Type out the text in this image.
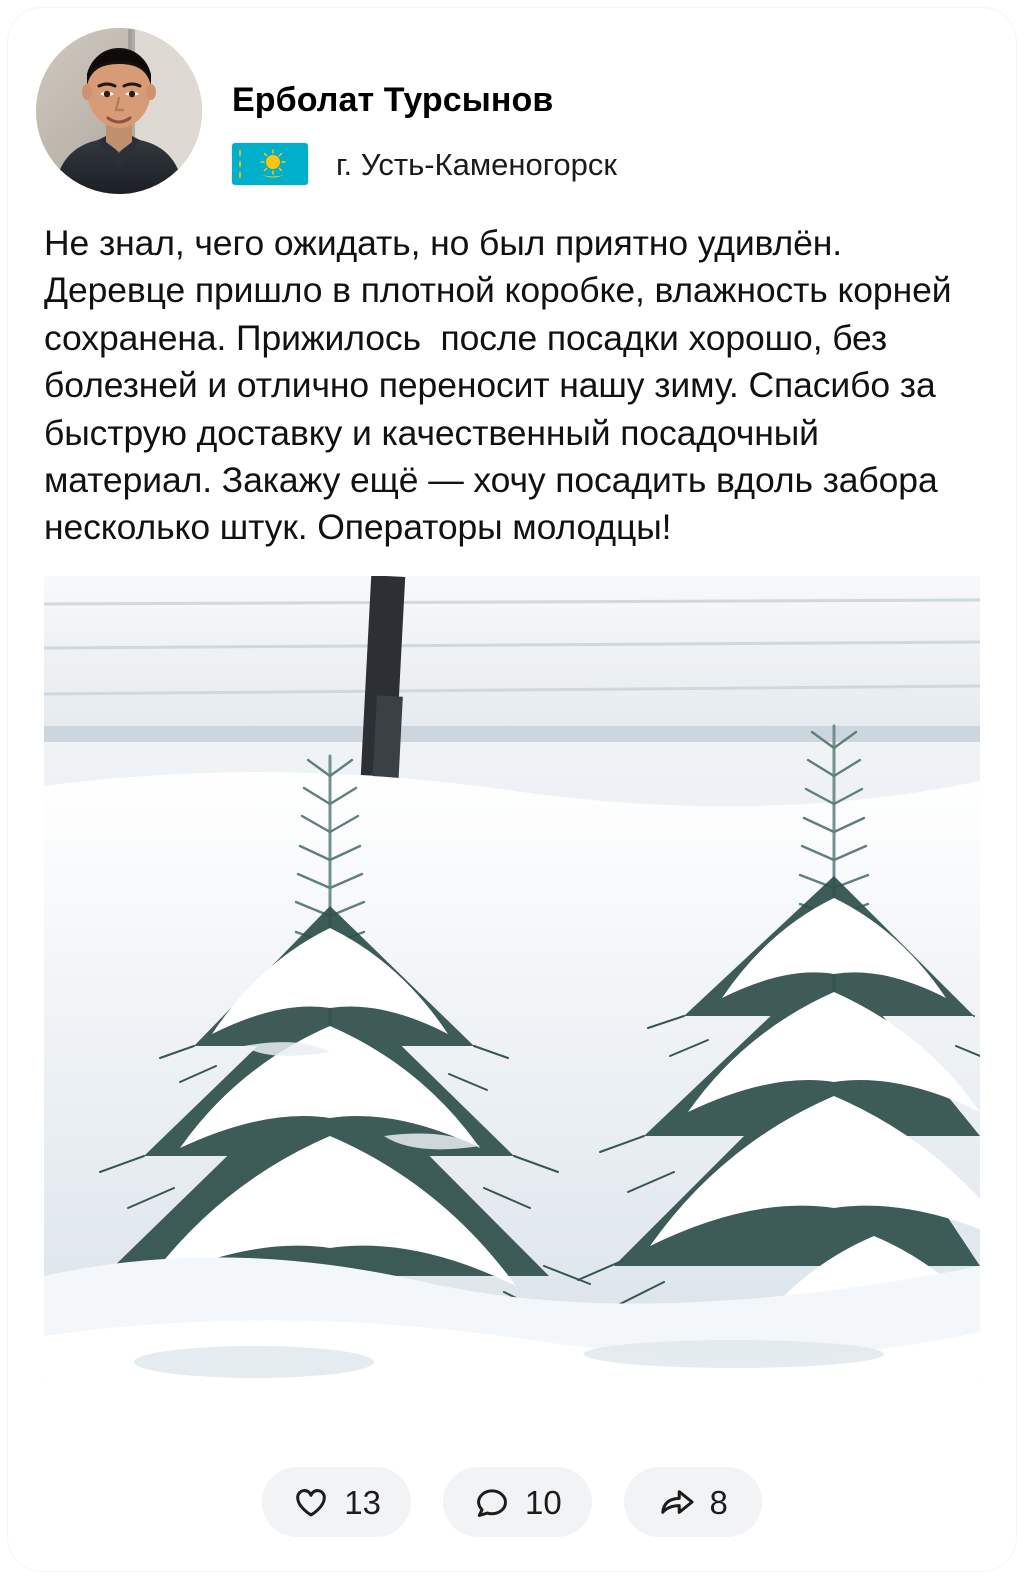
Ерболат Турсынов
г. Усть-Каменогорск
Не знал, чего ожидать, но был приятно удивлён. Деревце пришло в плотной коробке, влажность корней сохранена. Прижилось  после посадки хорошо, без болезней и отлично переносит нашу зиму. Спасибо за быструю доставку и качественный посадочный материал. Закажу ещё — хочу посадить вдоль забора несколько штук. Операторы молодцы!
13	10	8
